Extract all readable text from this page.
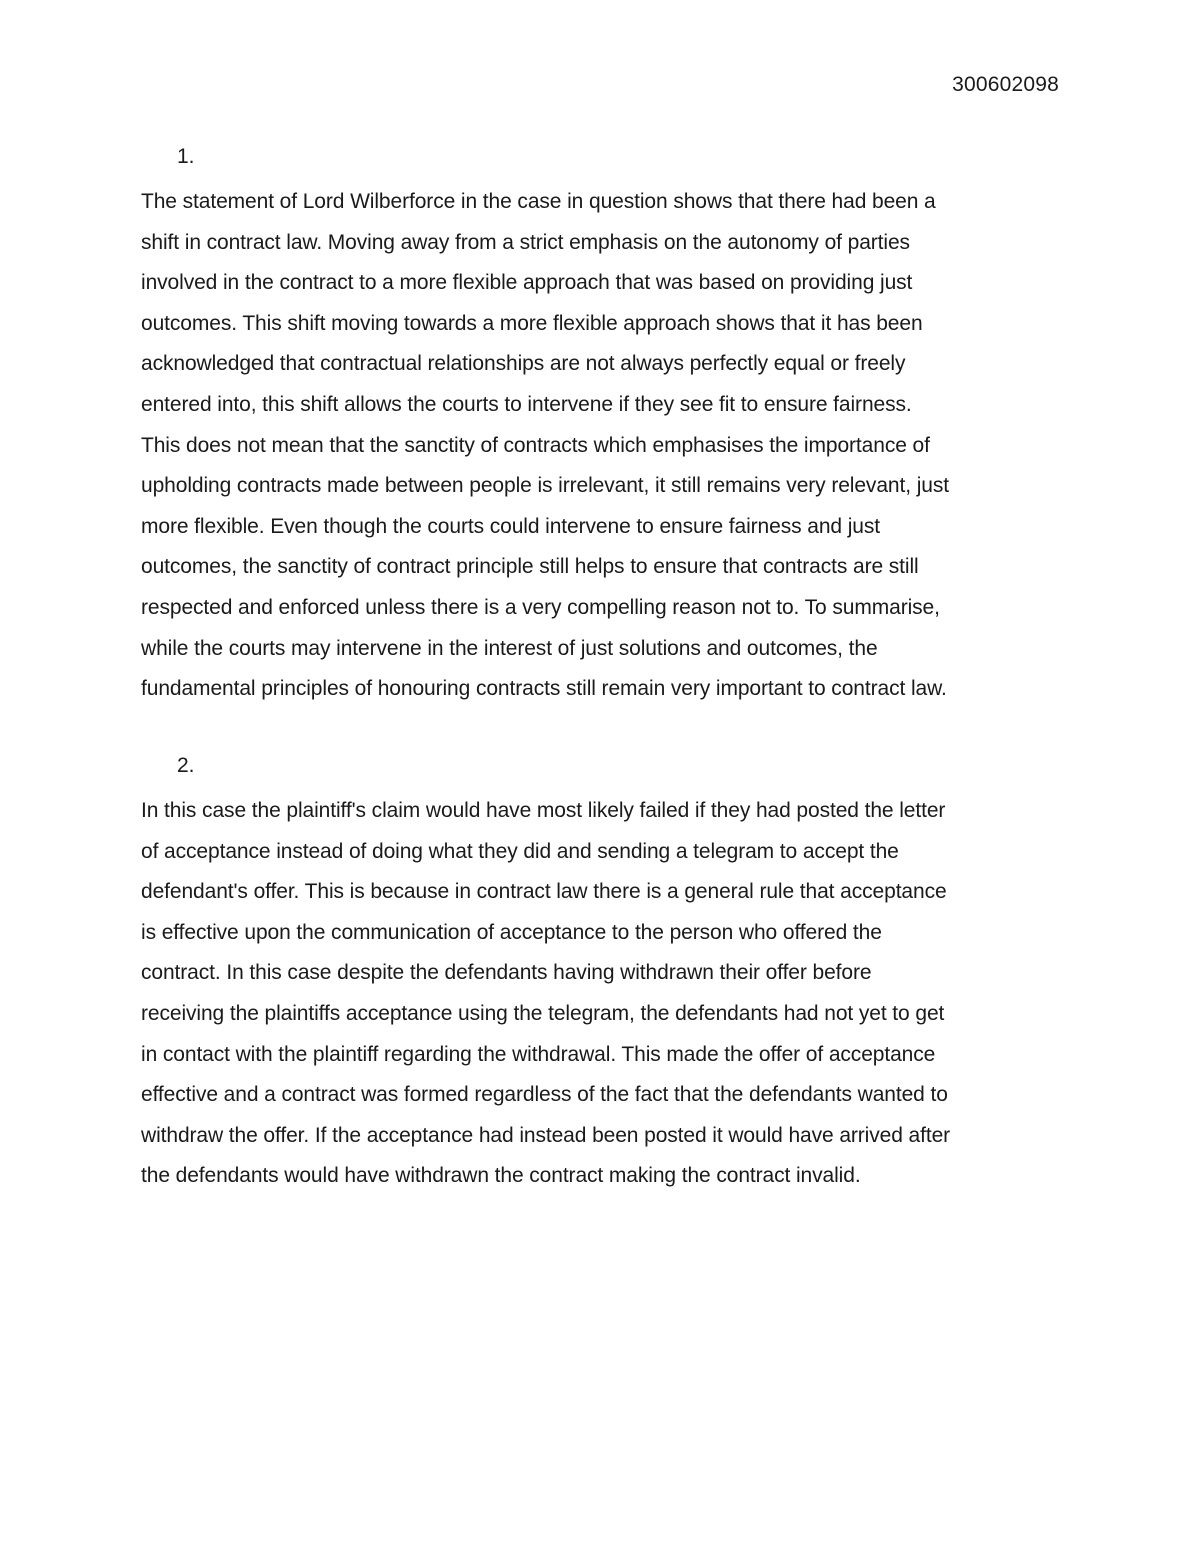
300602098
1.

The statement of Lord Wilberforce in the case in question shows that there had been a
shift in contract law. Moving away from a strict emphasis on the autonomy of parties
involved in the contract to a more flexible approach that was based on providing just
outcomes. This shift moving towards a more flexible approach shows that it has been
acknowledged that contractual relationships are not always perfectly equal or freely
entered into, this shift allows the courts to intervene if they see fit to ensure fairness.
This does not mean that the sanctity of contracts which emphasises the importance of
upholding contracts made between people is irrelevant, it still remains very relevant, just
more flexible. Even though the courts could intervene to ensure fairness and just
outcomes, the sanctity of contract principle still helps to ensure that contracts are still
respected and enforced unless there is a very compelling reason not to. To summarise,
while the courts may intervene in the interest of just solutions and outcomes, the
fundamental principles of honouring contracts still remain very important to contract law.

2.

In this case the plaintiff's claim would have most likely failed if they had posted the letter
of acceptance instead of doing what they did and sending a telegram to accept the
defendant's offer. This is because in contract law there is a general rule that acceptance
is effective upon the communication of acceptance to the person who offered the
contract. In this case despite the defendants having withdrawn their offer before
receiving the plaintiffs acceptance using the telegram, the defendants had not yet to get
in contact with the plaintiff regarding the withdrawal. This made the offer of acceptance
effective and a contract was formed regardless of the fact that the defendants wanted to
withdraw the offer. If the acceptance had instead been posted it would have arrived after
the defendants would have withdrawn the contract making the contract invalid.
